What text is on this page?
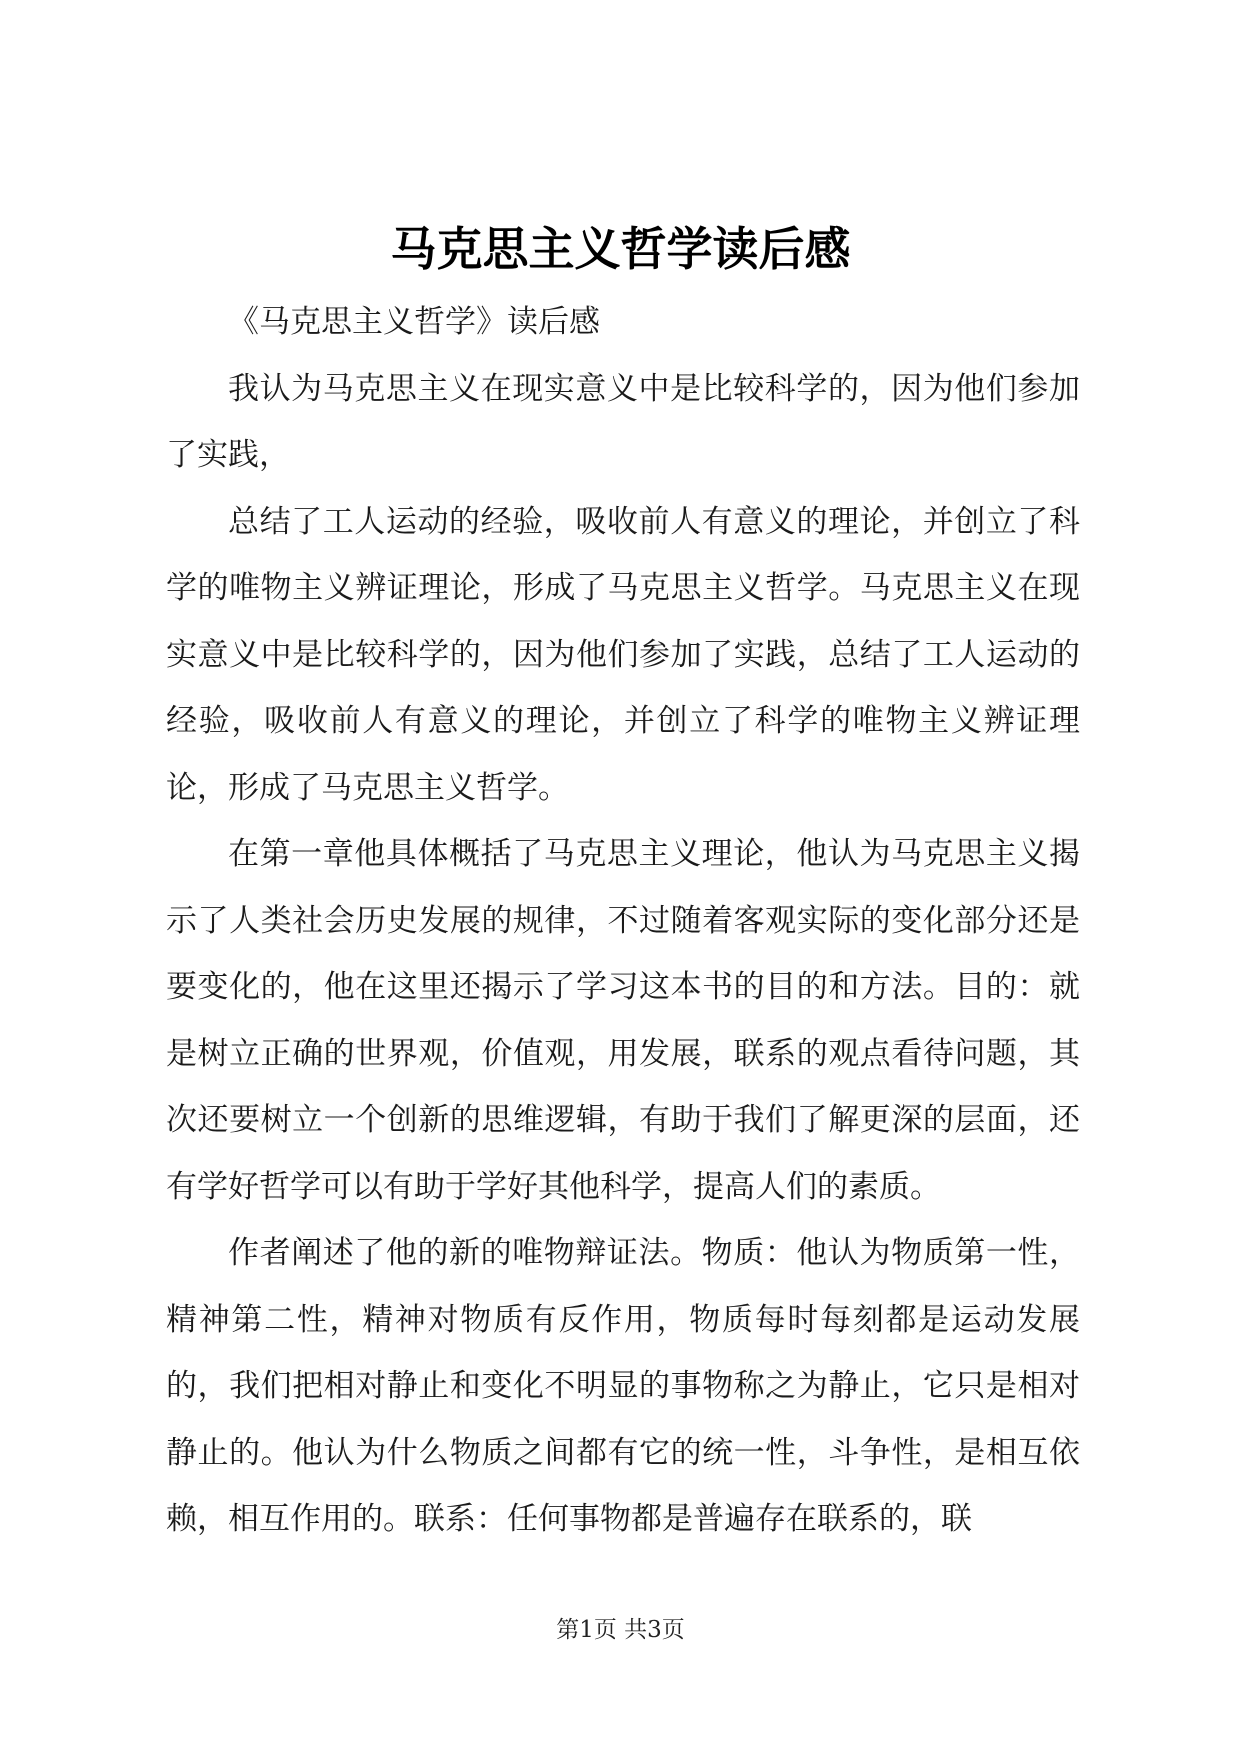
马克思主义哲学读后感

《马克思主义哲学》读后感

我认为马克思主义在现实意义中是比较科学的，因为他们参加了实践，

总结了工人运动的经验，吸收前人有意义的理论，并创立了科学的唯物主义辨证理论，形成了马克思主义哲学。马克思主义在现实意义中是比较科学的，因为他们参加了实践，总结了工人运动的经验，吸收前人有意义的理论，并创立了科学的唯物主义辨证理论，形成了马克思主义哲学。

在第一章他具体概括了马克思主义理论，他认为马克思主义揭示了人类社会历史发展的规律，不过随着客观实际的变化部分还是要变化的，他在这里还揭示了学习这本书的目的和方法。目的：就是树立正确的世界观，价值观，用发展，联系的观点看待问题，其次还要树立一个创新的思维逻辑，有助于我们了解更深的层面，还有学好哲学可以有助于学好其他科学，提高人们的素质。

作者阐述了他的新的唯物辩证法。物质：他认为物质第一性，精神第二性，精神对物质有反作用，物质每时每刻都是运动发展的，我们把相对静止和变化不明显的事物称之为静止，它只是相对静止的。他认为什么物质之间都有它的统一性，斗争性，是相互依赖，相互作用的。联系：任何事物都是普遍存在联系的，联

第1页 共3页
